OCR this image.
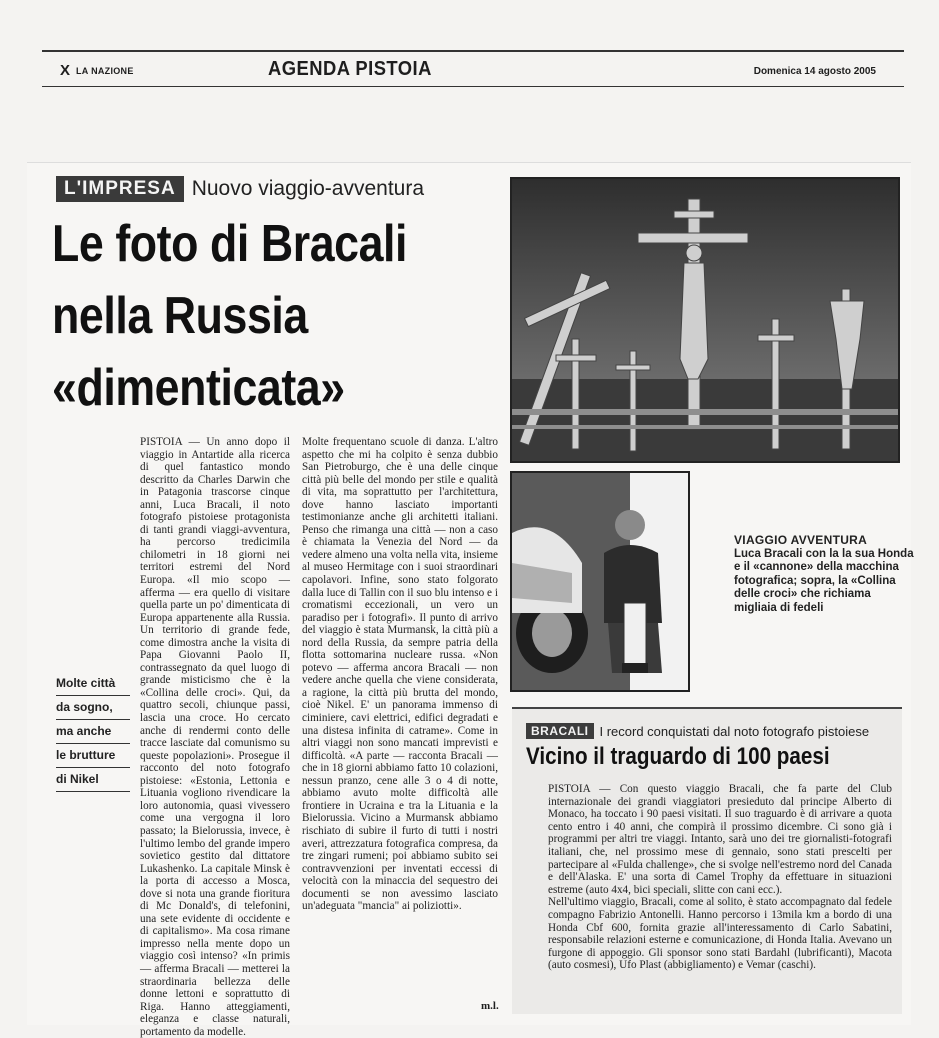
X LA NAZIONE	AGENDA PISTOIA	Domenica 14 agosto 2005
L'IMPRESA Nuovo viaggio-avventura
Le foto di Bracali
nella Russia
«dimenticata»

PISTOIA — Un anno dopo il viaggio in Antartide alla ricerca di quel fantastico mondo descritto da Charles Darwin che in Patagonia trascorse cinque anni, Luca Bracali, il noto fotografo pistoiese protagonista di tanti grandi viaggi-avventura, ha percorso tredicimila chilometri in 18 giorni nei territori estremi del Nord Europa. «Il mio scopo — afferma — era quello di visitare quella parte un po' dimenticata di Europa appartenente alla Russia. Un territorio di grande fede, come dimostra anche la visita di Papa Giovanni Paolo II, contrassegnato da quel luogo di grande misticismo che è la «Collina delle croci». Qui, da quattro secoli, chiunque passi, lascia una croce. Ho cercato anche di rendermi conto delle tracce lasciate dal comunismo su queste popolazioni». Prosegue il racconto del noto fotografo pistoiese: «Estonia, Lettonia e Lituania vogliono rivendicare la loro autonomia, quasi vivessero come una vergogna il loro passato; la Bielorussia, invece, è l'ultimo lembo del grande impero sovietico gestito dal dittatore Lukashenko. La capitale Minsk è la porta di accesso a Mosca, dove si nota una grande fioritura di Mc Donald's, di telefonini, una sete evidente di occidente e di capitalismo». Ma cosa rimane impresso nella mente dopo un viaggio così intenso? «In primis — afferma Bracali — metterei la straordinaria bellezza delle donne lettoni e soprattutto di Riga. Hanno atteggiamenti, eleganza e classe naturali, portamento da modelle.

Molte città
da sogno,
ma anche
le brutture
di Nikel

Molte frequentano scuole di danza. L'altro aspetto che mi ha colpito è senza dubbio San Pietroburgo, che è una delle cinque città più belle del mondo per stile e qualità di vita, ma soprattutto per l'architettura, dove hanno lasciato importanti testimonianze anche gli architetti italiani. Penso che rimanga una città — non a caso è chiamata la Venezia del Nord — da vedere almeno una volta nella vita, insieme al museo Hermitage con i suoi straordinari capolavori. Infine, sono stato folgorato dalla luce di Tallin con il suo blu intenso e i cromatismi eccezionali, un vero un paradiso per i fotografi». Il punto di arrivo del viaggio è stata Murmansk, la città più a nord della Russia, da sempre patria della flotta sottomarina nucleare russa. «Non potevo — afferma ancora Bracali — non vedere anche quella che viene considerata, a ragione, la città più brutta del mondo, cioè Nikel. E' un panorama immenso di ciminiere, cavi elettrici, edifici degradati e una distesa infinita di catrame». Come in altri viaggi non sono mancati imprevisti e difficoltà. «A parte — racconta Bracali — che in 18 giorni abbiamo fatto 10 colazioni, nessun pranzo, cene alle 3 o 4 di notte, abbiamo avuto molte difficoltà alle frontiere in Ucraina e tra la Lituania e la Bielorussia. Vicino a Murmansk abbiamo rischiato di subire il furto di tutti i nostri averi, attrezzatura fotografica compresa, da tre zingari rumeni; poi abbiamo subito sei contravvenzioni per inventati eccessi di velocità con la minaccia del sequestro dei documenti se non avessimo lasciato un'adeguata "mancia" ai poliziotti».

m.l.
VIAGGIO AVVENTURA
Luca Bracali con la la sua Honda e il «cannone» della macchina fotografica; sopra, la «Collina delle croci» che richiama migliaia di fedeli
BRACALI I record conquistati dal noto fotografo pistoiese
Vicino il traguardo di 100 paesi

PISTOIA — Con questo viaggio Bracali, che fa parte del Club internazionale dei grandi viaggiatori presieduto dal principe Alberto di Monaco, ha toccato i 90 paesi visitati. Il suo traguardo è di arrivare a quota cento entro i 40 anni, che compirà il prossimo dicembre. Ci sono già i programmi per altri tre viaggi. Intanto, sarà uno dei tre giornalisti-fotografi italiani, che, nel prossimo mese di gennaio, sono stati prescelti per partecipare al «Fulda challenge», che si svolge nell'estremo nord del Canada e dell'Alaska. E' una sorta di Camel Trophy da effettuare in situazioni estreme (auto 4x4, bici speciali, slitte con cani ecc.).

Nell'ultimo viaggio, Bracali, come al solito, è stato accompagnato dal fedele compagno Fabrizio Antonelli. Hanno percorso i 13mila km a bordo di una Honda Cbf 600, fornita grazie all'interessamento di Carlo Sabatini, responsabile relazioni esterne e comunicazione, di Honda Italia. Avevano un furgone di appoggio. Gli sponsor sono stati Bardahl (lubrificanti), Macota (auto cosmesi), Ufo Plast (abbigliamento) e Vemar (caschi).
